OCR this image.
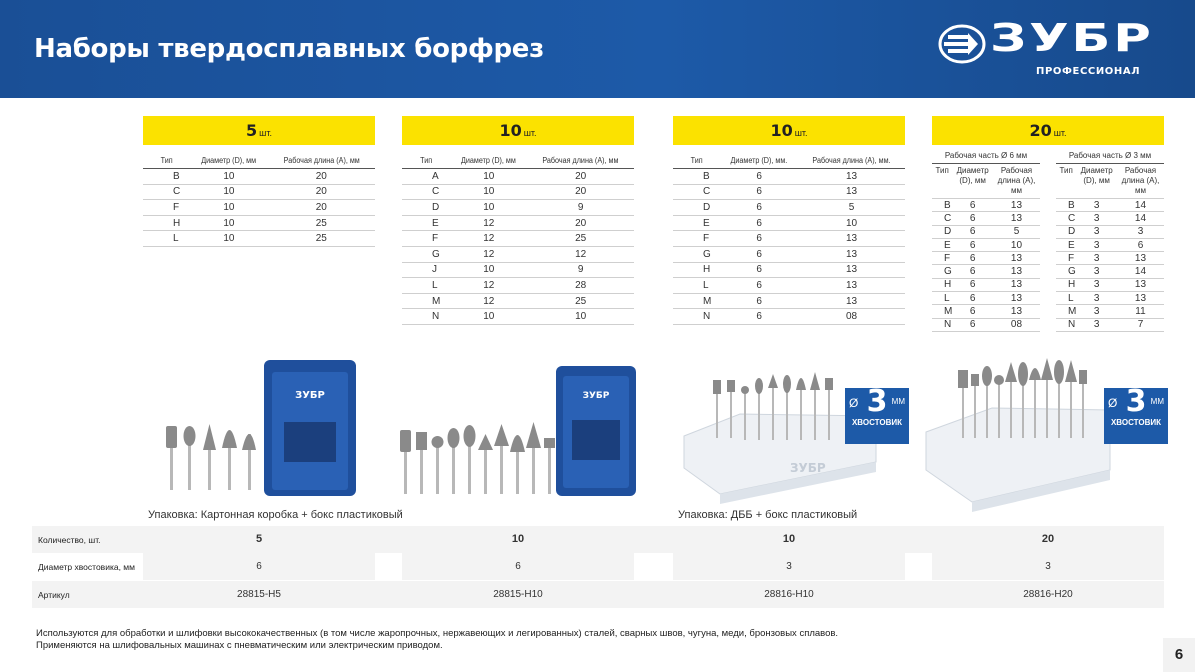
Наборы твердосплавных борфрез	ЗУБР
ПРОФЕССИОНАЛ
5 шт.
Тип	Диаметр (D), мм	Рабочая длина (А), мм
B	10	20
C	10	20
F	10	20
H	10	25
L	10	25
10 шт.
Тип	Диаметр (D), мм	Рабочая длина (А), мм
A	10	20
C	10	20
D	10	9
E	12	20
F	12	25
G	12	12
J	10	9
L	12	28
M	12	25
N	10	10
10 шт.
Тип	Диаметр (D), мм.	Рабочая длина (А), мм.
B	6	13
C	6	13
D	6	5
E	6	10
F	6	13
G	6	13
H	6	13
L	6	13
M	6	13
N	6	08
20 шт.
Рабочая часть Ø 6 мм
Тип	Диаметр (D), мм	Рабочая длина (А), мм
B	6	13
C	6	13
D	6	5
E	6	10
F	6	13
G	6	13
H	6	13
L	6	13
M	6	13
N	6	08
Рабочая часть Ø 3 мм
Тип	Диаметр (D), мм	Рабочая длина (А), мм
B	3	14
C	3	14
D	3	3
E	3	6
F	3	13
G	3	14
H	3	13
L	3	13
M	3	11
N	3	7
ЗУБР	ЗУБР
ЗУБР
Ø 3 ММ
ХВОСТОВИК
Ø 3 ММ
ХВОСТОВИК
Упаковка: Картонная коробка + бокс пластиковый	Упаковка: ДББ + бокс пластиковый
Количество, шт.	5	10	10	20
Диаметр хвостовика, мм	6	6	3	3
Артикул	28815-H5	28815-H10	28816-H10	28816-H20
Используются для обработки и шлифовки высококачественных (в том числе жаропрочных, нержавеющих и легированных) сталей, сварных швов, чугуна, меди, бронзовых сплавов.
Применяются на шлифовальных машинах с пневматическим или электрическим приводом.
6
